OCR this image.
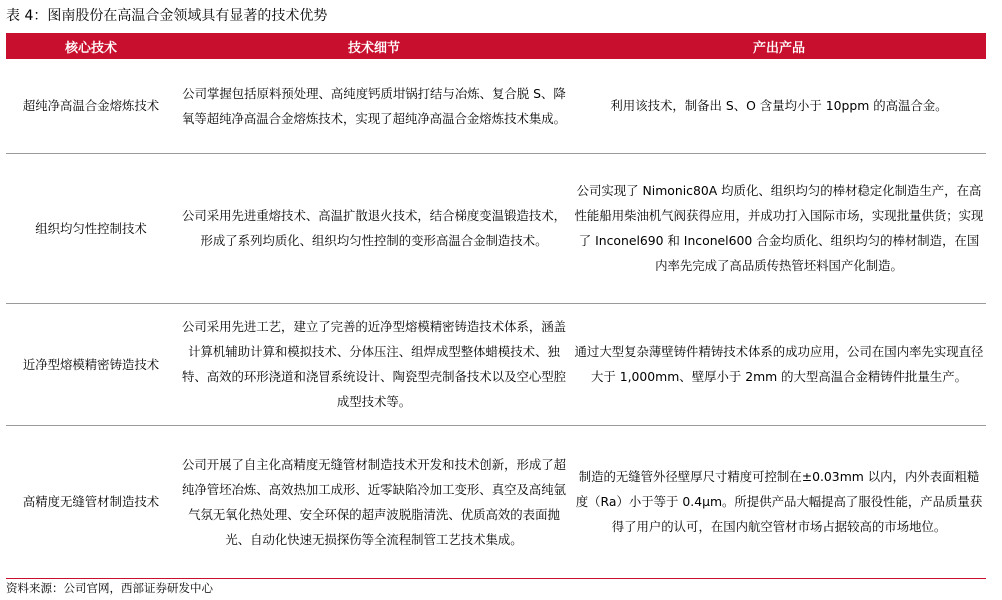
表 4：图南股份在高温合金领域具有显著的技术优势
核心技术	技术细节	产出产品
超纯净高温合金熔炼技术	公司掌握包括原料预处理、高纯度钙质坩锅打结与冶炼、复合脱 S、降氧等超纯净高温合金熔炼技术，实现了超纯净高温合金熔炼技术集成。	利用该技术，制备出 S、O 含量均小于 10ppm 的高温合金。
组织均匀性控制技术	公司采用先进重熔技术、高温扩散退火技术，结合梯度变温锻造技术，形成了系列均质化、组织均匀性控制的变形高温合金制造技术。	公司实现了 Nimonic80A 均质化、组织均匀的棒材稳定化制造生产，在高性能船用柴油机气阀获得应用，并成功打入国际市场，实现批量供货；实现了 Inconel690 和 Inconel600 合金均质化、组织均匀的棒材制造，在国内率先完成了高品质传热管坯料国产化制造。
近净型熔模精密铸造技术	公司采用先进工艺，建立了完善的近净型熔模精密铸造技术体系，涵盖计算机辅助计算和模拟技术、分体压注、组焊成型整体蜡模技术、独特、高效的环形浇道和浇冒系统设计、陶瓷型壳制备技术以及空心型腔成型技术等。	通过大型复杂薄壁铸件精铸技术体系的成功应用，公司在国内率先实现直径大于 1,000mm、壁厚小于 2mm 的大型高温合金精铸件批量生产。
高精度无缝管材制造技术	公司开展了自主化高精度无缝管材制造技术开发和技术创新，形成了超纯净管坯冶炼、高效热加工成形、近零缺陷冷加工变形、真空及高纯氩气氛无氧化热处理、安全环保的超声波脱脂清洗、优质高效的表面抛光、自动化快速无损探伤等全流程制管工艺技术集成。	制造的无缝管外径壁厚尺寸精度可控制在±0.03mm 以内，内外表面粗糙度（Ra）小于等于 0.4μm。所提供产品大幅提高了服役性能，产品质量获得了用户的认可，在国内航空管材市场占据较高的市场地位。
资料来源：公司官网，西部证券研发中心
